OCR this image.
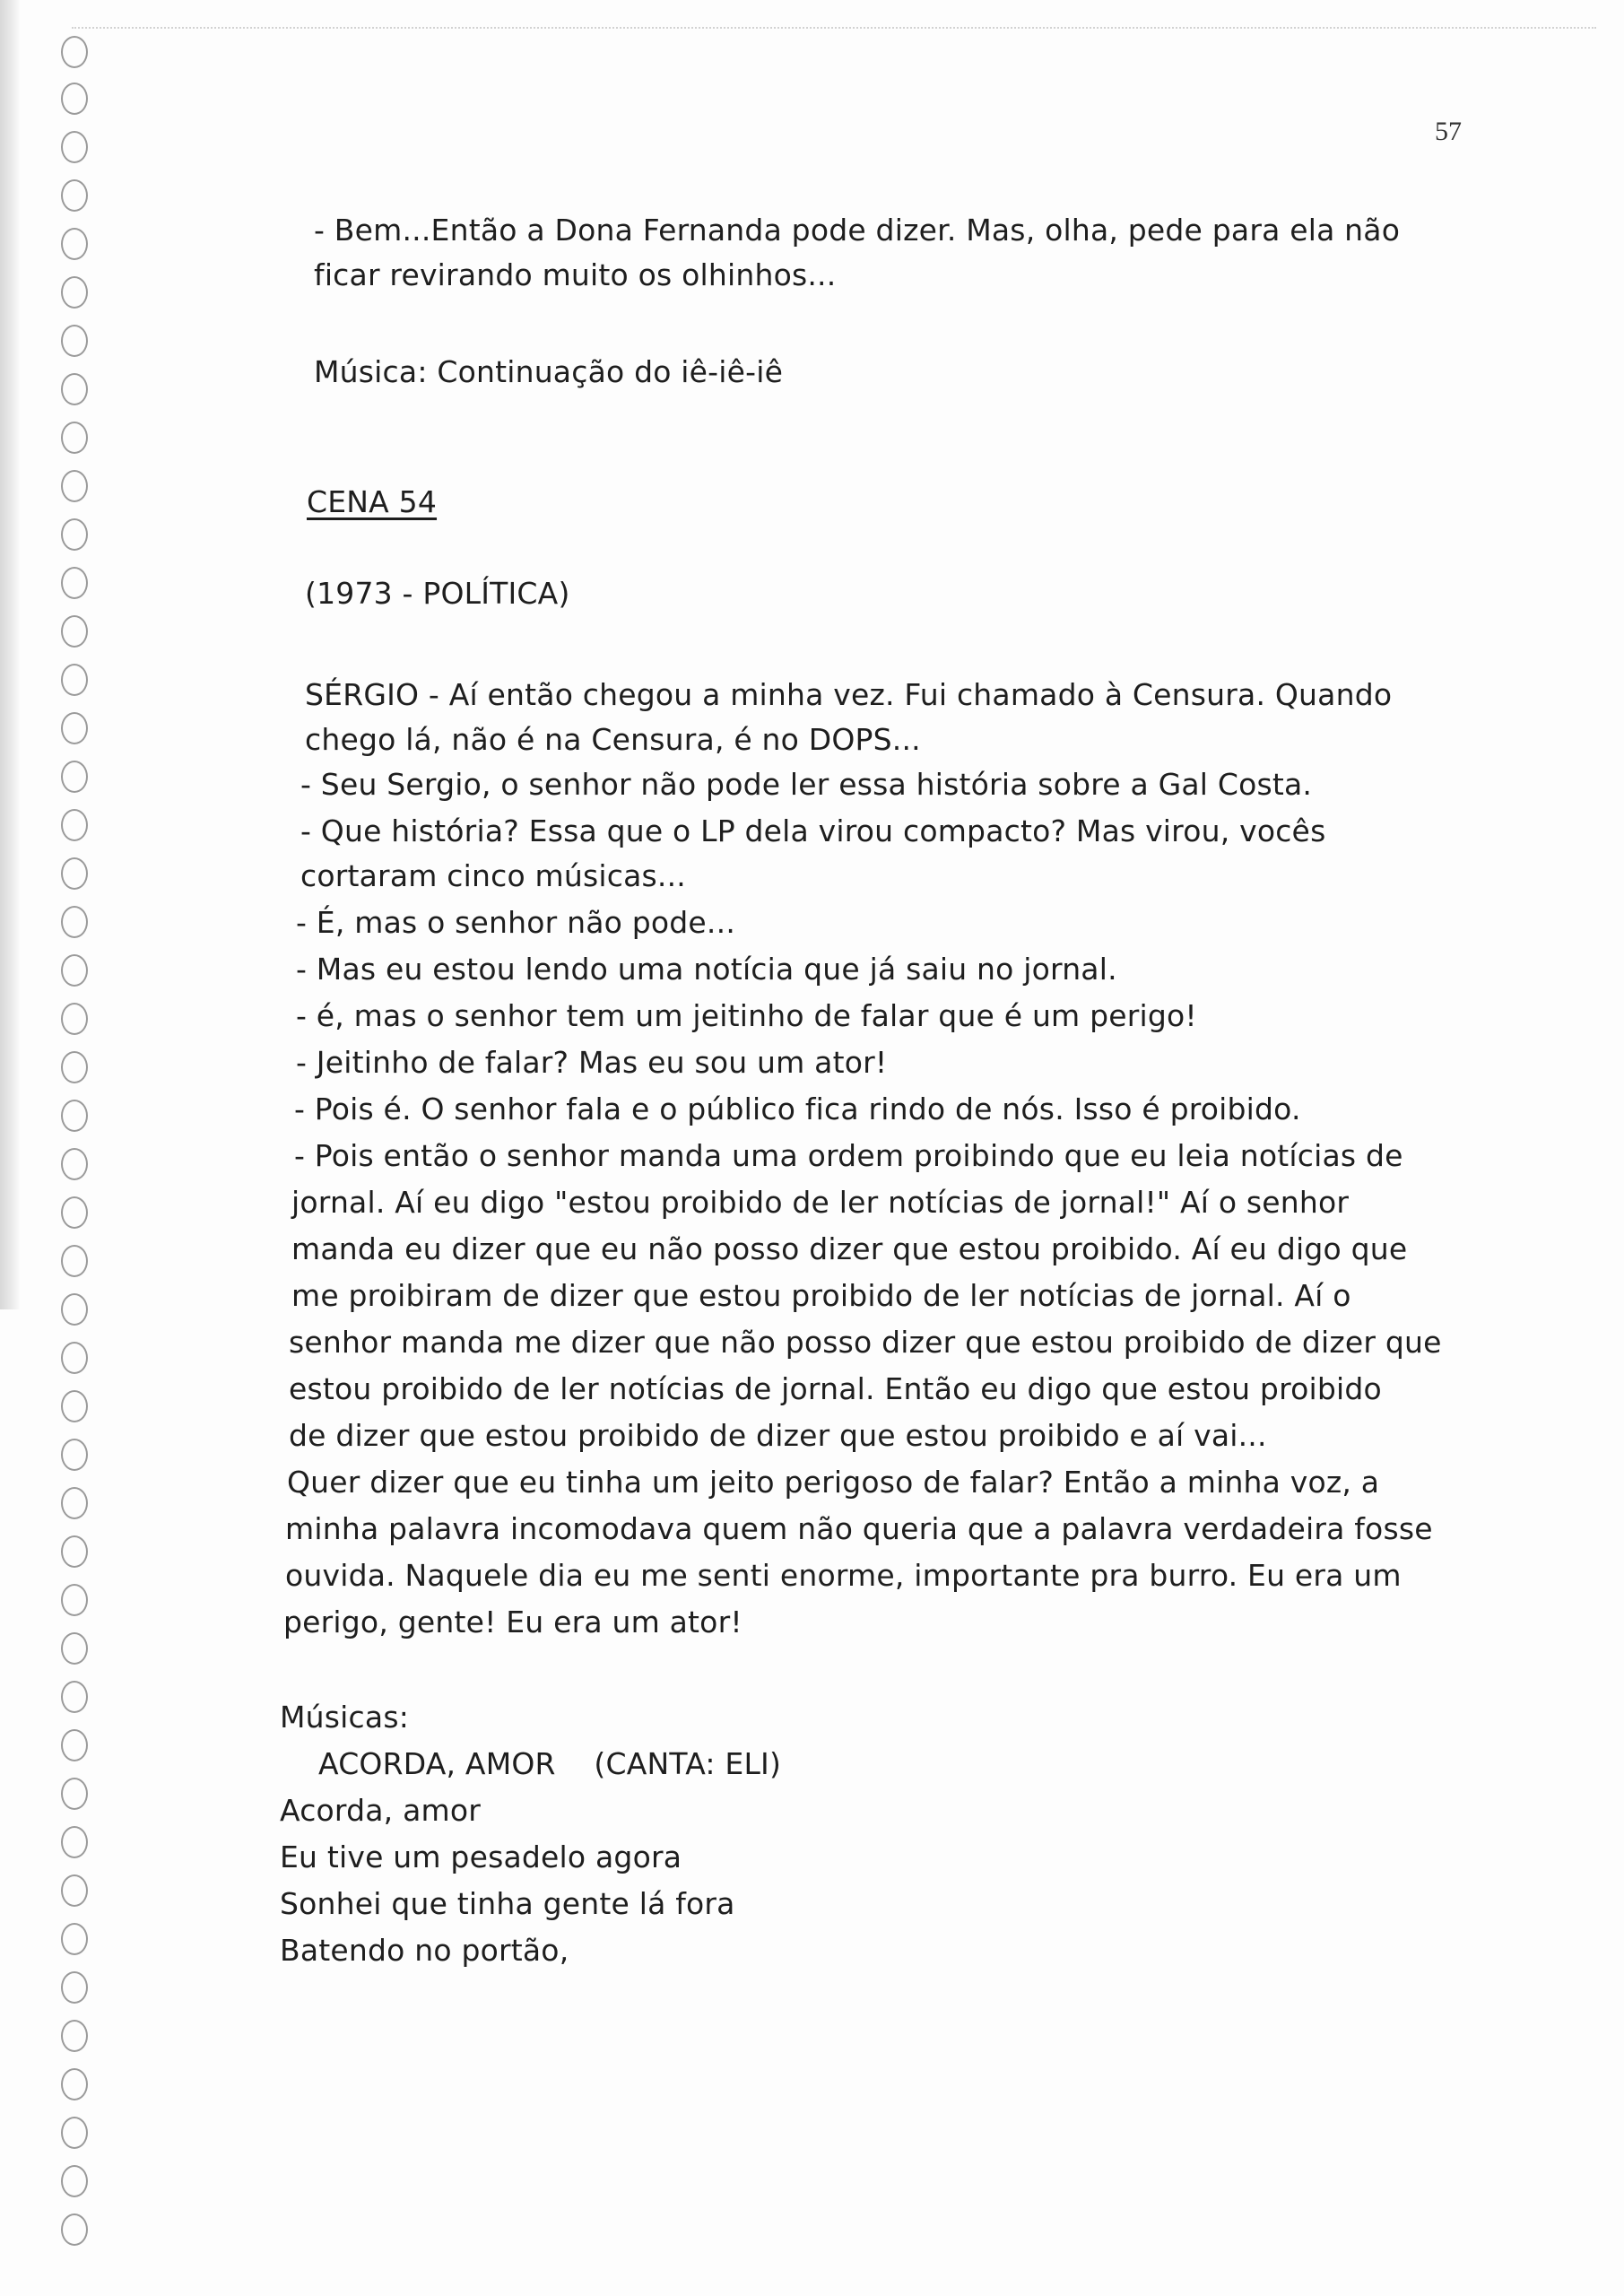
57
- Bem...Então a Dona Fernanda pode dizer. Mas, olha, pede para ela não
ficar revirando muito os olhinhos...
Música: Continuação do iê-iê-iê
CENA 54
(1973 - POLÍTICA)
SÉRGIO - Aí então chegou a minha vez. Fui chamado à Censura. Quando
chego lá, não é na Censura, é no DOPS...
- Seu Sergio, o senhor não pode ler essa história sobre a Gal Costa.
- Que história? Essa que o LP dela virou compacto? Mas virou, vocês
cortaram cinco músicas...
- É, mas o senhor não pode...
- Mas eu estou lendo uma notícia que já saiu no jornal.
- é, mas o senhor tem um jeitinho de falar que é um perigo!
- Jeitinho de falar? Mas eu sou um ator!
- Pois é. O senhor fala e o público fica rindo de nós. Isso é proibido.
- Pois então o senhor manda uma ordem proibindo que eu leia notícias de
jornal. Aí eu digo "estou proibido de ler notícias de jornal!" Aí o senhor
manda eu dizer que eu não posso dizer que estou proibido. Aí eu digo que
me proibiram de dizer que estou proibido de ler notícias de jornal. Aí o
senhor manda me dizer que não posso dizer que estou proibido de dizer que
estou proibido de ler notícias de jornal. Então eu digo que estou proibido
de dizer que estou proibido de dizer que estou proibido e aí vai...
Quer dizer que eu tinha um jeito perigoso de falar? Então a minha voz, a
minha palavra incomodava quem não queria que a palavra verdadeira fosse
ouvida. Naquele dia eu me senti enorme, importante pra burro. Eu era um
perigo, gente! Eu era um ator!
Músicas:
ACORDA, AMOR    (CANTA: ELI)
Acorda, amor
Eu tive um pesadelo agora
Sonhei que tinha gente lá fora
Batendo no portão,
